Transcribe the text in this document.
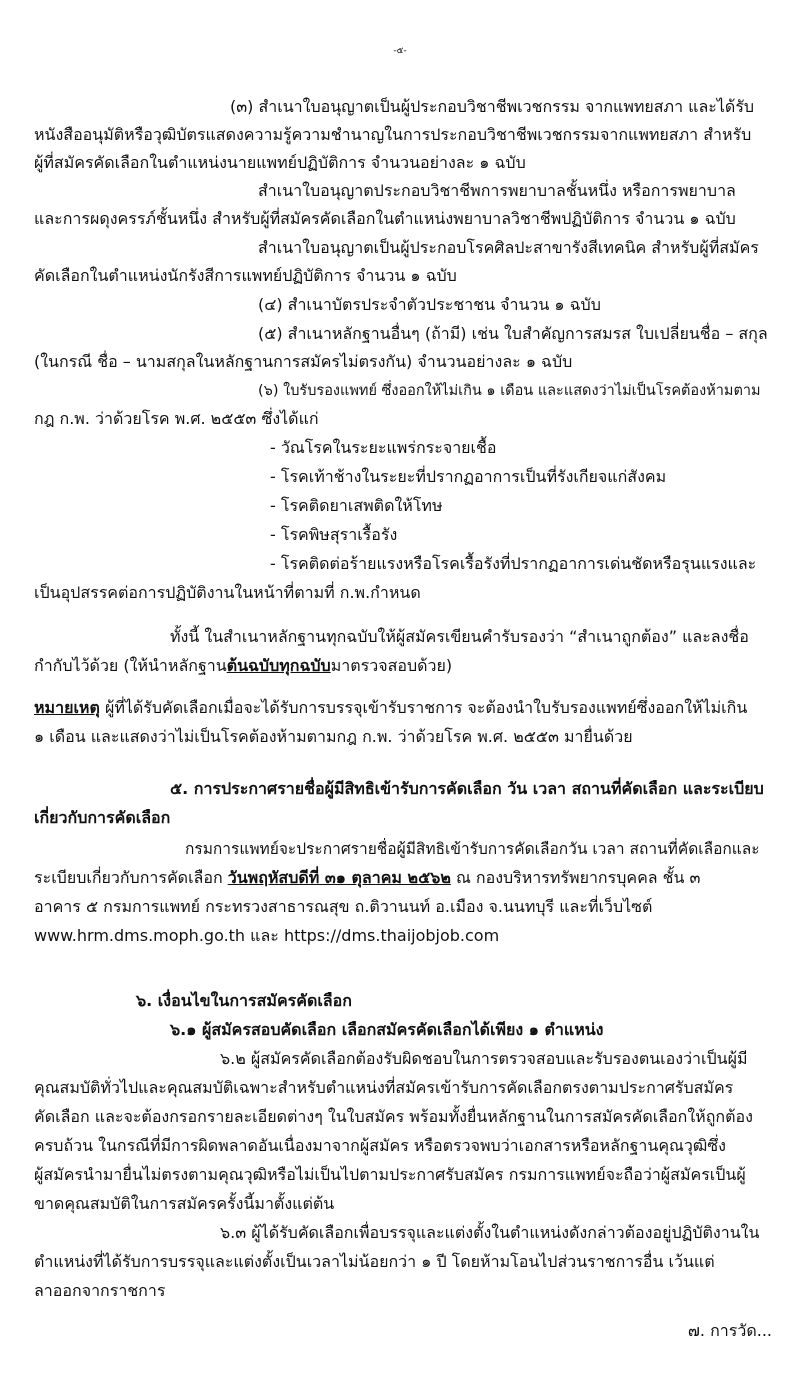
-๕-
(๓) สำเนาใบอนุญาตเป็นผู้ประกอบวิชาชีพเวชกรรม จากแพทยสภา และได้รับ
หนังสืออนุมัติหรือวุฒิบัตรแสดงความรู้ความชำนาญในการประกอบวิชาชีพเวชกรรมจากแพทยสภา สำหรับ
ผู้ที่สมัครคัดเลือกในตำแหน่งนายแพทย์ปฏิบัติการ จำนวนอย่างละ ๑ ฉบับ
สำเนาใบอนุญาตประกอบวิชาชีพการพยาบาลชั้นหนึ่ง หรือการพยาบาล
และการผดุงครรภ์ชั้นหนึ่ง สำหรับผู้ที่สมัครคัดเลือกในตำแหน่งพยาบาลวิชาชีพปฏิบัติการ จำนวน ๑ ฉบับ
สำเนาใบอนุญาตเป็นผู้ประกอบโรคศิลปะสาขารังสีเทคนิค สำหรับผู้ที่สมัคร
คัดเลือกในตำแหน่งนักรังสีการแพทย์ปฏิบัติการ จำนวน ๑ ฉบับ
(๔) สำเนาบัตรประจำตัวประชาชน จำนวน ๑ ฉบับ
(๕) สำเนาหลักฐานอื่นๆ (ถ้ามี) เช่น ใบสำคัญการสมรส ใบเปลี่ยนชื่อ – สกุล
(ในกรณี ชื่อ – นามสกุลในหลักฐานการสมัครไม่ตรงกัน) จำนวนอย่างละ ๑ ฉบับ
(๖) ใบรับรองแพทย์ ซึ่งออกให้ไม่เกิน ๑ เดือน และแสดงว่าไม่เป็นโรคต้องห้ามตาม
กฎ ก.พ. ว่าด้วยโรค พ.ศ. ๒๕๕๓ ซึ่งได้แก่
- วัณโรคในระยะแพร่กระจายเชื้อ
- โรคเท้าช้างในระยะที่ปรากฏอาการเป็นที่รังเกียจแก่สังคม
- โรคติดยาเสพติดให้โทษ
- โรคพิษสุราเรื้อรัง
- โรคติดต่อร้ายแรงหรือโรคเรื้อรังที่ปรากฏอาการเด่นชัดหรือรุนแรงและ
เป็นอุปสรรคต่อการปฏิบัติงานในหน้าที่ตามที่ ก.พ.กำหนด
ทั้งนี้ ในสำเนาหลักฐานทุกฉบับให้ผู้สมัครเขียนคำรับรองว่า “สำเนาถูกต้อง” และลงชื่อ
กำกับไว้ด้วย (ให้นำหลักฐานต้นฉบับทุกฉบับมาตรวจสอบด้วย)
หมายเหตุ ผู้ที่ได้รับคัดเลือกเมื่อจะได้รับการบรรจุเข้ารับราชการ จะต้องนำใบรับรองแพทย์ซึ่งออกให้ไม่เกิน
๑ เดือน และแสดงว่าไม่เป็นโรคต้องห้ามตามกฎ ก.พ. ว่าด้วยโรค พ.ศ. ๒๕๕๓ มายื่นด้วย
๕. การประกาศรายชื่อผู้มีสิทธิเข้ารับการคัดเลือก วัน เวลา สถานที่คัดเลือก และระเบียบ
เกี่ยวกับการคัดเลือก
กรมการแพทย์จะประกาศรายชื่อผู้มีสิทธิเข้ารับการคัดเลือกวัน เวลา สถานที่คัดเลือกและ
ระเบียบเกี่ยวกับการคัดเลือก วันพฤหัสบดีที่ ๓๑ ตุลาคม ๒๕๖๒ ณ กองบริหารทรัพยากรบุคคล ชั้น ๓
อาคาร ๕ กรมการแพทย์ กระทรวงสาธารณสุข ถ.ติวานนท์ อ.เมือง จ.นนทบุรี และที่เว็บไซต์
www.hrm.dms.moph.go.th และ https://dms.thaijobjob.com
๖. เงื่อนไขในการสมัครคัดเลือก
๖.๑ ผู้สมัครสอบคัดเลือก เลือกสมัครคัดเลือกได้เพียง ๑ ตำแหน่ง
๖.๒ ผู้สมัครคัดเลือกต้องรับผิดชอบในการตรวจสอบและรับรองตนเองว่าเป็นผู้มี
คุณสมบัติทั่วไปและคุณสมบัติเฉพาะสำหรับตำแหน่งที่สมัครเข้ารับการคัดเลือกตรงตามประกาศรับสมัคร
คัดเลือก และจะต้องกรอกรายละเอียดต่างๆ ในใบสมัคร พร้อมทั้งยื่นหลักฐานในการสมัครคัดเลือกให้ถูกต้อง
ครบถ้วน ในกรณีที่มีการผิดพลาดอันเนื่องมาจากผู้สมัคร หรือตรวจพบว่าเอกสารหรือหลักฐานคุณวุฒิซึ่ง
ผู้สมัครนำมายื่นไม่ตรงตามคุณวุฒิหรือไม่เป็นไปตามประกาศรับสมัคร กรมการแพทย์จะถือว่าผู้สมัครเป็นผู้
ขาดคุณสมบัติในการสมัครครั้งนี้มาตั้งแต่ต้น
๖.๓ ผู้ได้รับคัดเลือกเพื่อบรรจุและแต่งตั้งในตำแหน่งดังกล่าวต้องอยู่ปฏิบัติงานใน
ตำแหน่งที่ได้รับการบรรจุและแต่งตั้งเป็นเวลาไม่น้อยกว่า ๑ ปี โดยห้ามโอนไปส่วนราชการอื่น เว้นแต่
ลาออกจากราชการ
๗. การวัด...
